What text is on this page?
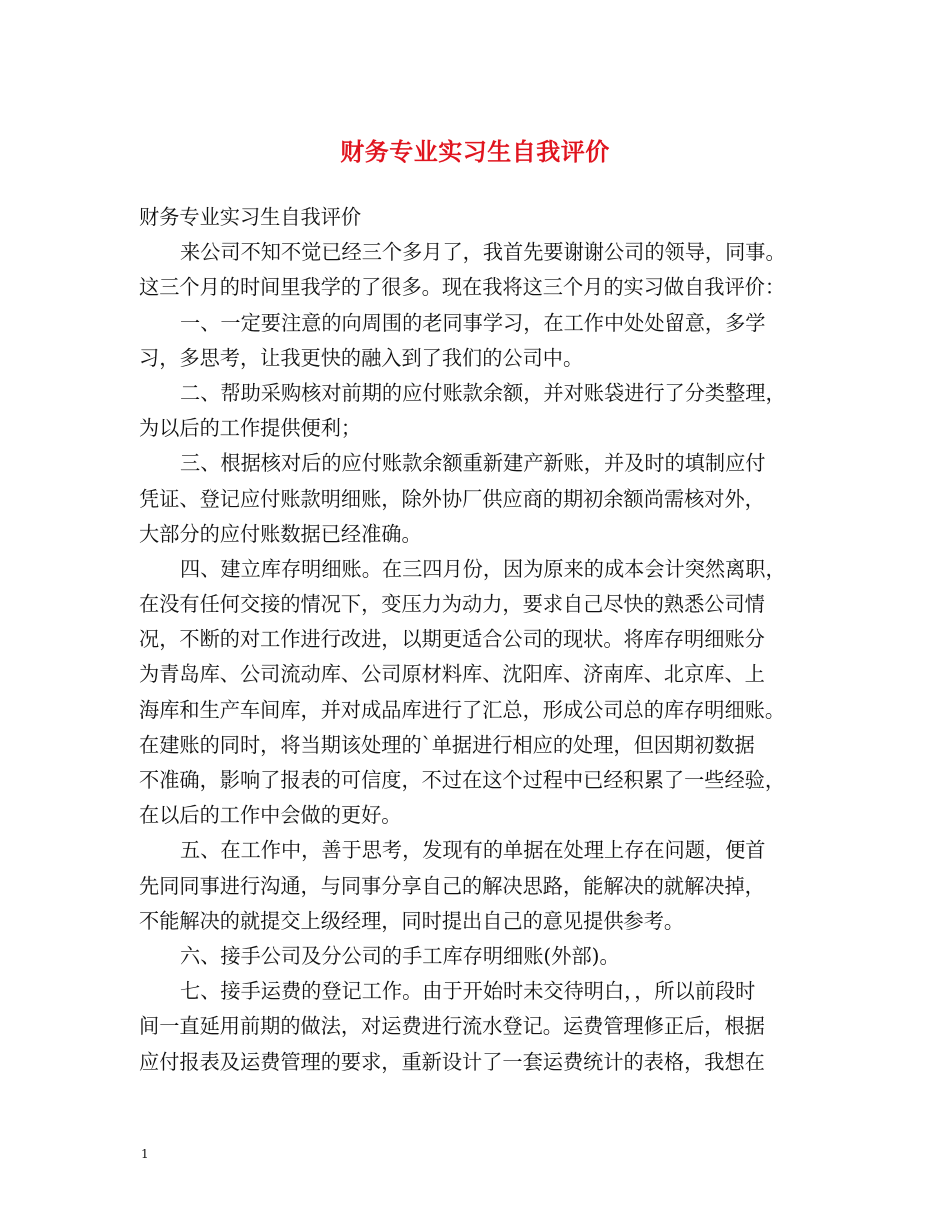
财务专业实习生自我评价
财务专业实习生自我评价
来公司不知不觉已经三个多月了，我首先要谢谢公司的领导，同事。
这三个月的时间里我学的了很多。现在我将这三个月的实习做自我评价：
一、一定要注意的向周围的老同事学习，在工作中处处留意，多学
习，多思考，让我更快的融入到了我们的公司中。
二、帮助采购核对前期的应付账款余额，并对账袋进行了分类整理，
为以后的工作提供便利；
三、根据核对后的应付账款余额重新建产新账，并及时的填制应付
凭证、登记应付账款明细账，除外协厂供应商的期初余额尚需核对外，
大部分的应付账数据已经准确。
四、建立库存明细账。在三四月份，因为原来的成本会计突然离职，
在没有任何交接的情况下，变压力为动力，要求自己尽快的熟悉公司情
况，不断的对工作进行改进，以期更适合公司的现状。将库存明细账分
为青岛库、公司流动库、公司原材料库、沈阳库、济南库、北京库、上
海库和生产车间库，并对成品库进行了汇总，形成公司总的库存明细账。
在建账的同时，将当期该处理的`单据进行相应的处理，但因期初数据
不准确，影响了报表的可信度，不过在这个过程中已经积累了一些经验，
在以后的工作中会做的更好。
五、在工作中，善于思考，发现有的单据在处理上存在问题，便首
先同同事进行沟通，与同事分享自己的解决思路，能解决的就解决掉，
不能解决的就提交上级经理，同时提出自己的意见提供参考。
六、接手公司及分公司的手工库存明细账(外部)。
七、接手运费的登记工作。由于开始时未交待明白，，所以前段时
间一直延用前期的做法，对运费进行流水登记。运费管理修正后，根据
应付报表及运费管理的要求，重新设计了一套运费统计的表格，我想在
1
